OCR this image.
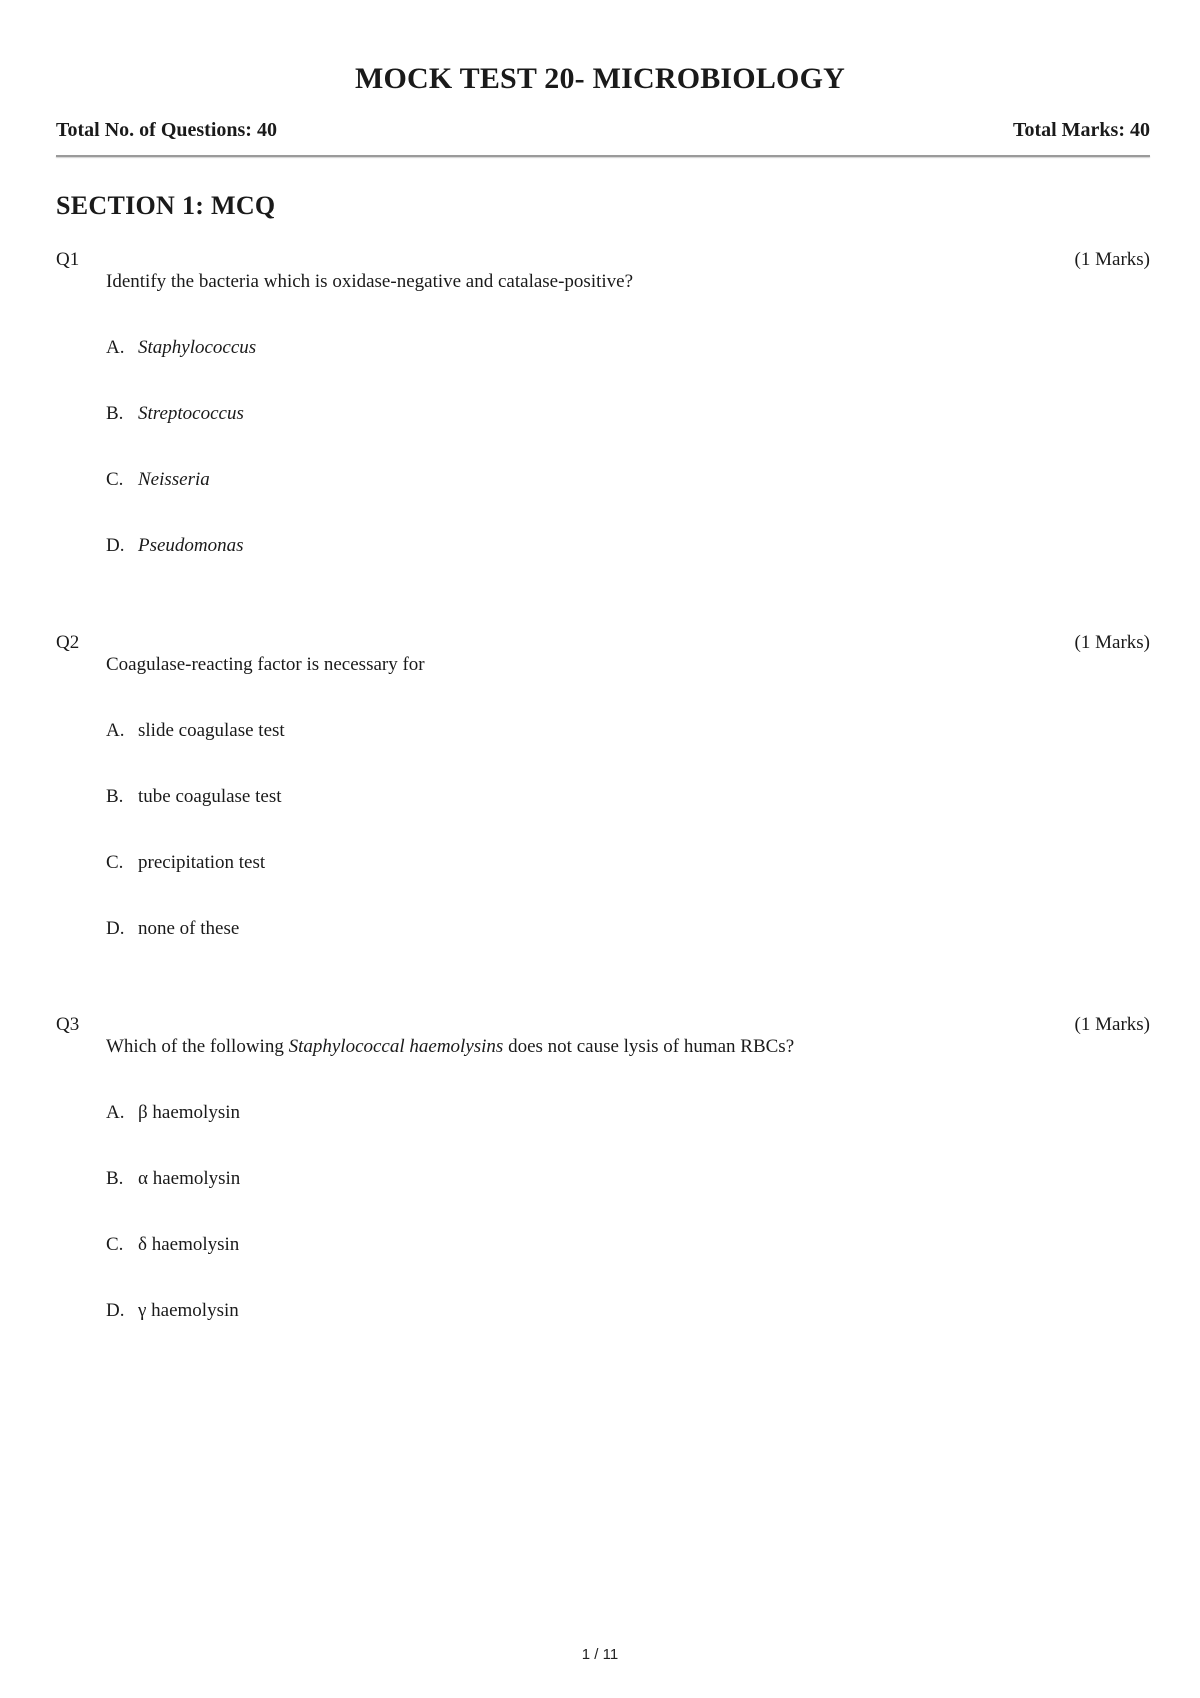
MOCK TEST 20- MICROBIOLOGY
Total No. of Questions: 40	Total Marks: 40
SECTION 1: MCQ
Q1	(1 Marks)

Identify the bacteria which is oxidase-negative and catalase-positive?

A. Staphylococcus
B. Streptococcus
C. Neisseria
D. Pseudomonas
Q2	(1 Marks)

Coagulase-reacting factor is necessary for

A. slide coagulase test
B. tube coagulase test
C. precipitation test
D. none of these
Q3	(1 Marks)

Which of the following Staphylococcal haemolysins does not cause lysis of human RBCs?

A. β haemolysin
B. α haemolysin
C. δ haemolysin
D. γ haemolysin
1 / 11
